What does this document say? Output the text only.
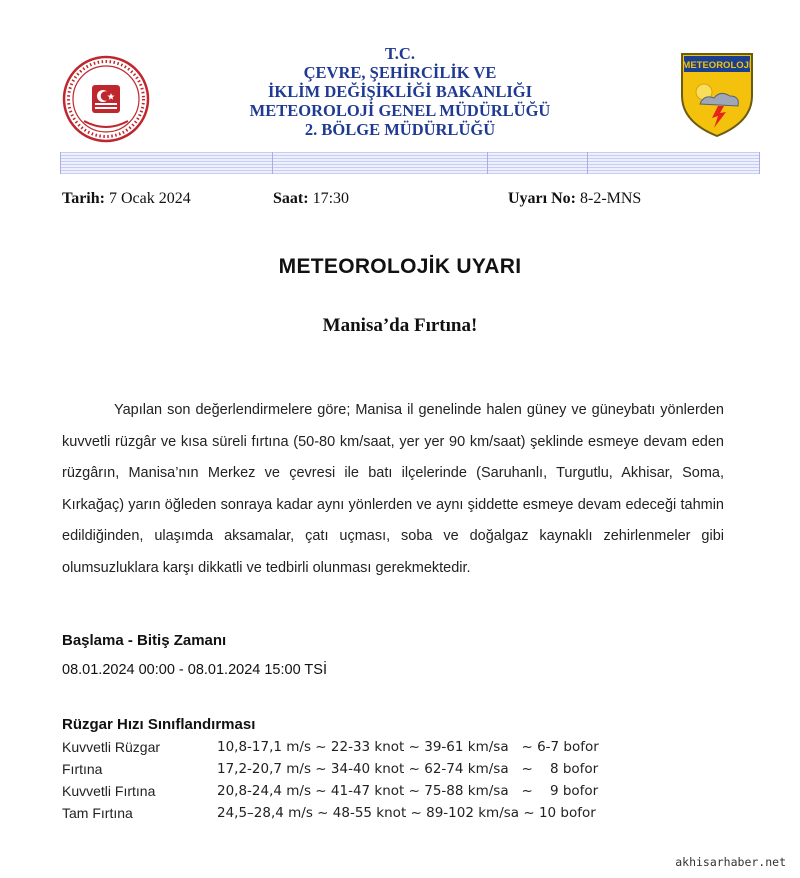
T.C.
ÇEVRE, ŞEHİRCİLİK VE
İKLİM DEĞİŞİKLİĞİ BAKANLIĞI
METEOROLOJİ GENEL MÜDÜRLÜĞÜ
2. BÖLGE MÜDÜRLÜĞÜ
METEOROLOJİ
Tarih: 7 Ocak 2024	Saat: 17:30	Uyarı No: 8-2-MNS
METEOROLOJİK UYARI
Manisa’da Fırtına!
Yapılan son değerlendirmelere göre; Manisa il genelinde halen güney ve güneybatı yönlerden kuvvetli rüzgâr ve kısa süreli fırtına (50-80 km/saat, yer yer 90 km/saat) şeklinde esmeye devam eden rüzgârın, Manisa’nın Merkez ve çevresi ile batı ilçelerinde (Saruhanlı, Turgutlu, Akhisar, Soma, Kırkağaç) yarın öğleden sonraya kadar aynı yönlerden ve aynı şiddette esmeye devam edeceği tahmin edildiğinden, ulaşımda aksamalar, çatı uçması, soba ve doğalgaz kaynaklı zehirlenmeler gibi olumsuzluklara karşı dikkatli ve tedbirli olunması gerekmektedir.
Başlama - Bitiş Zamanı
08.01.2024 00:00 - 08.01.2024 15:00 TSİ
Rüzgar Hızı Sınıflandırması
Kuvvetli Rüzgar	10,8-17,1 m/s ~ 22-33 knot ~ 39-61 km/sa   ~ 6-7 bofor
Fırtına	17,2-20,7 m/s ~ 34-40 knot ~ 62-74 km/sa   ~    8 bofor
Kuvvetli Fırtına	20,8-24,4 m/s ~ 41-47 knot ~ 75-88 km/sa   ~    9 bofor
Tam Fırtına	24,5–28,4 m/s ~ 48-55 knot ~ 89-102 km/sa ~ 10 bofor
akhisarhaber.net
